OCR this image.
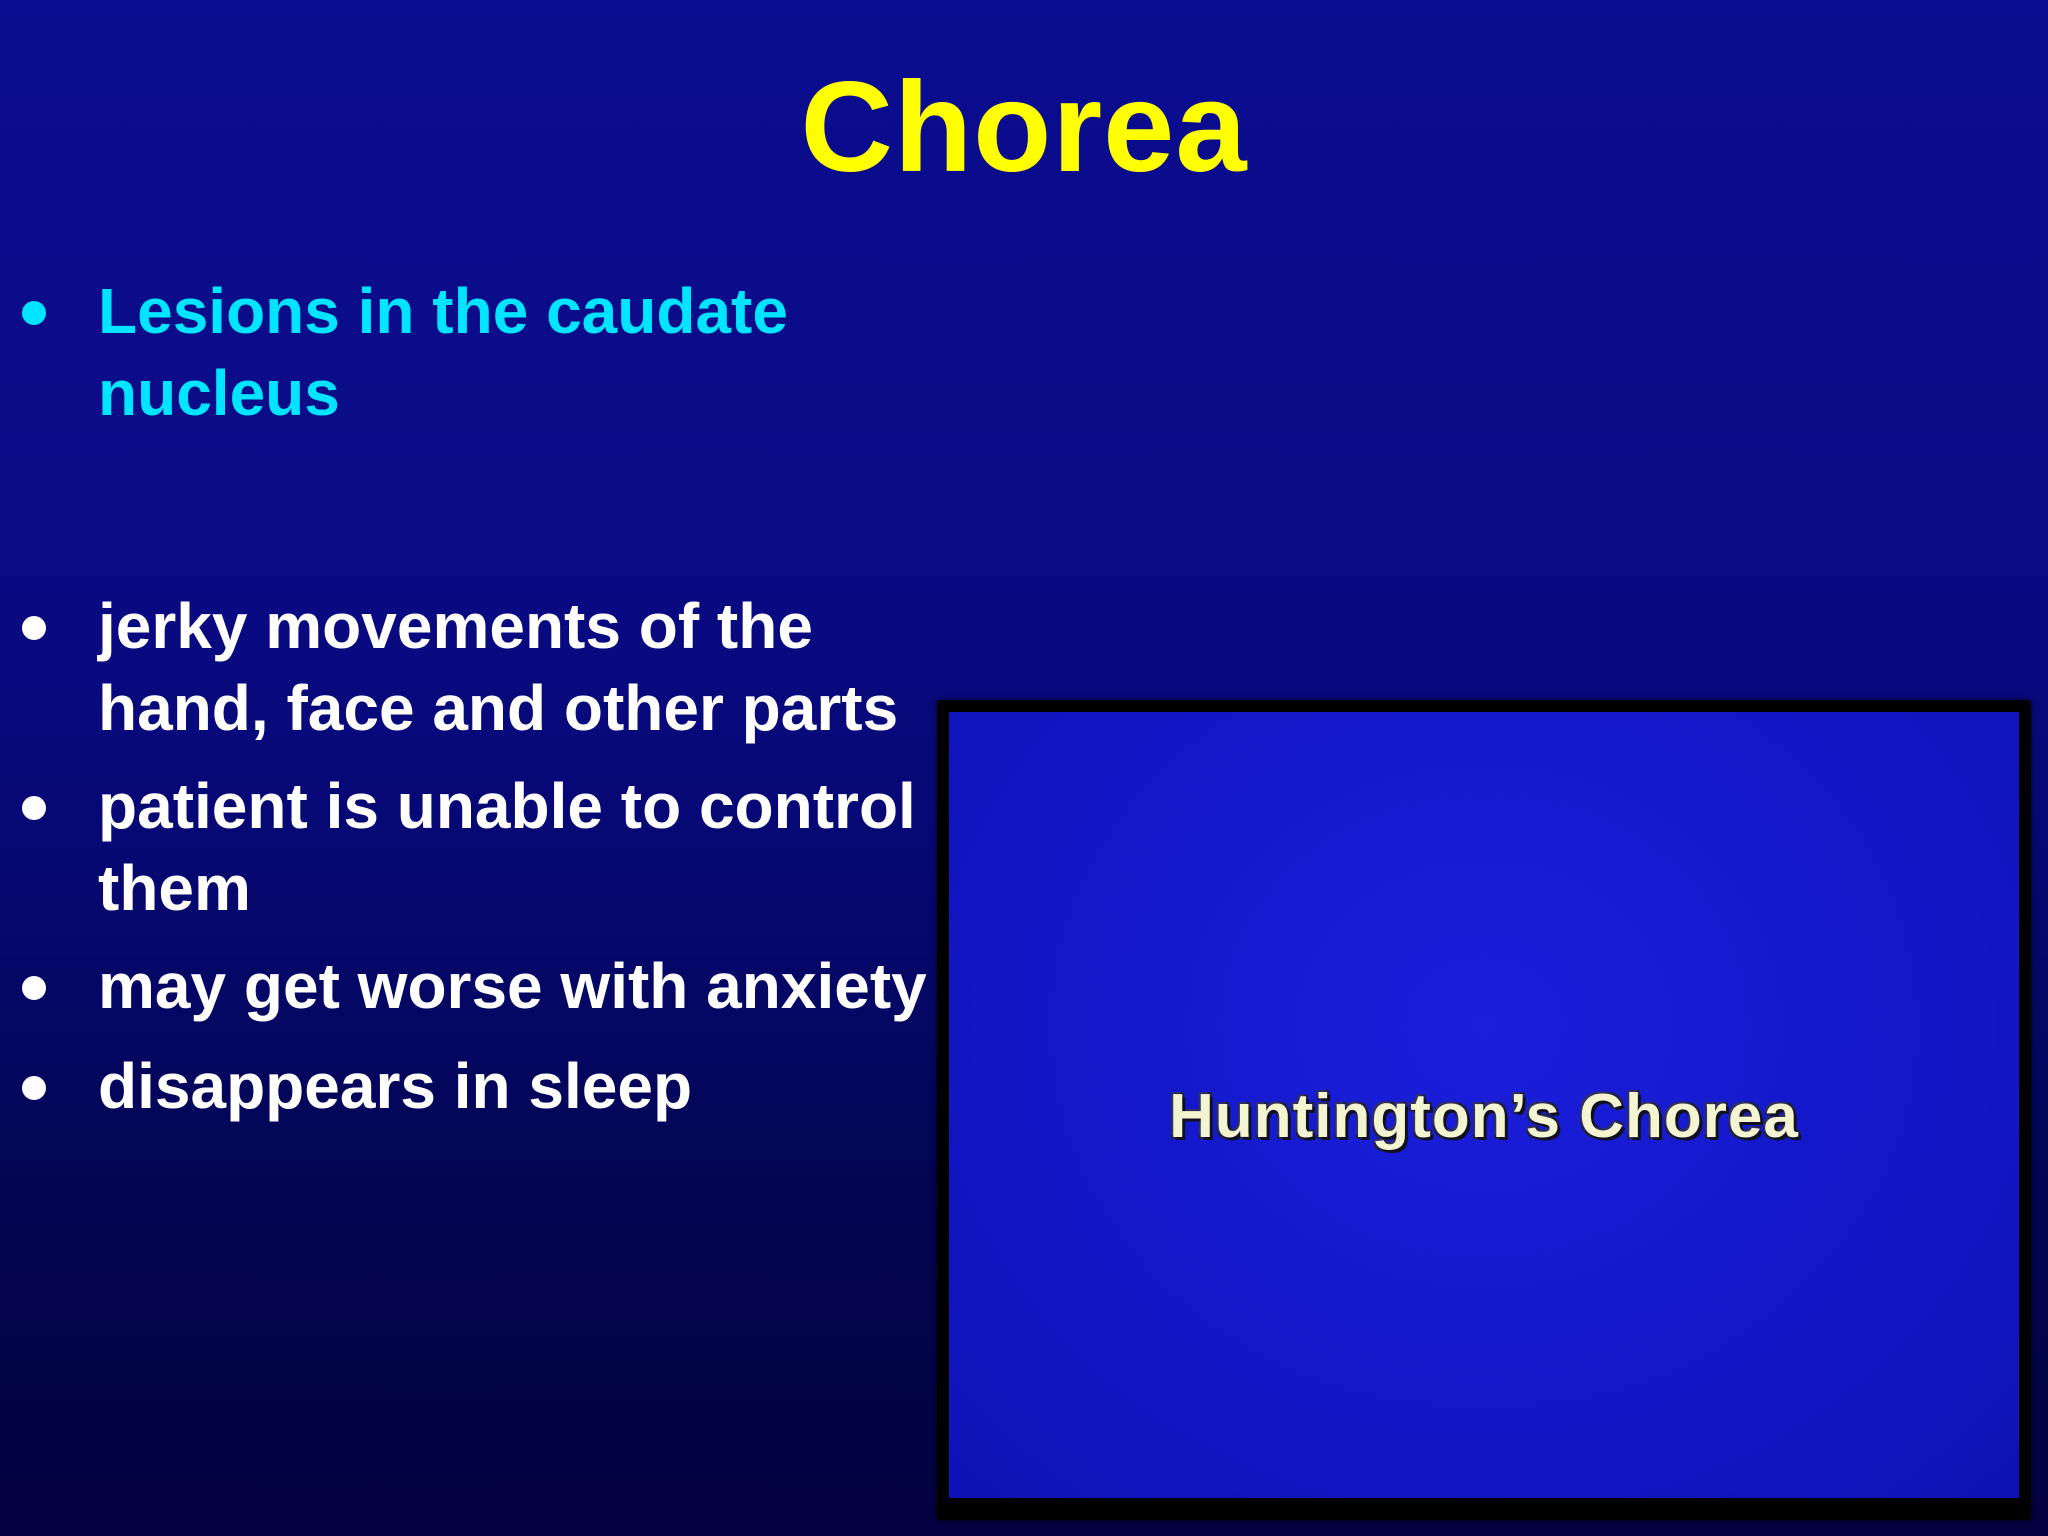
Chorea
Lesions in the caudate
nucleus
jerky movements of the
hand, face and other parts
patient is unable to control
them
may get worse with anxiety
disappears in sleep	Huntington’s Chorea
